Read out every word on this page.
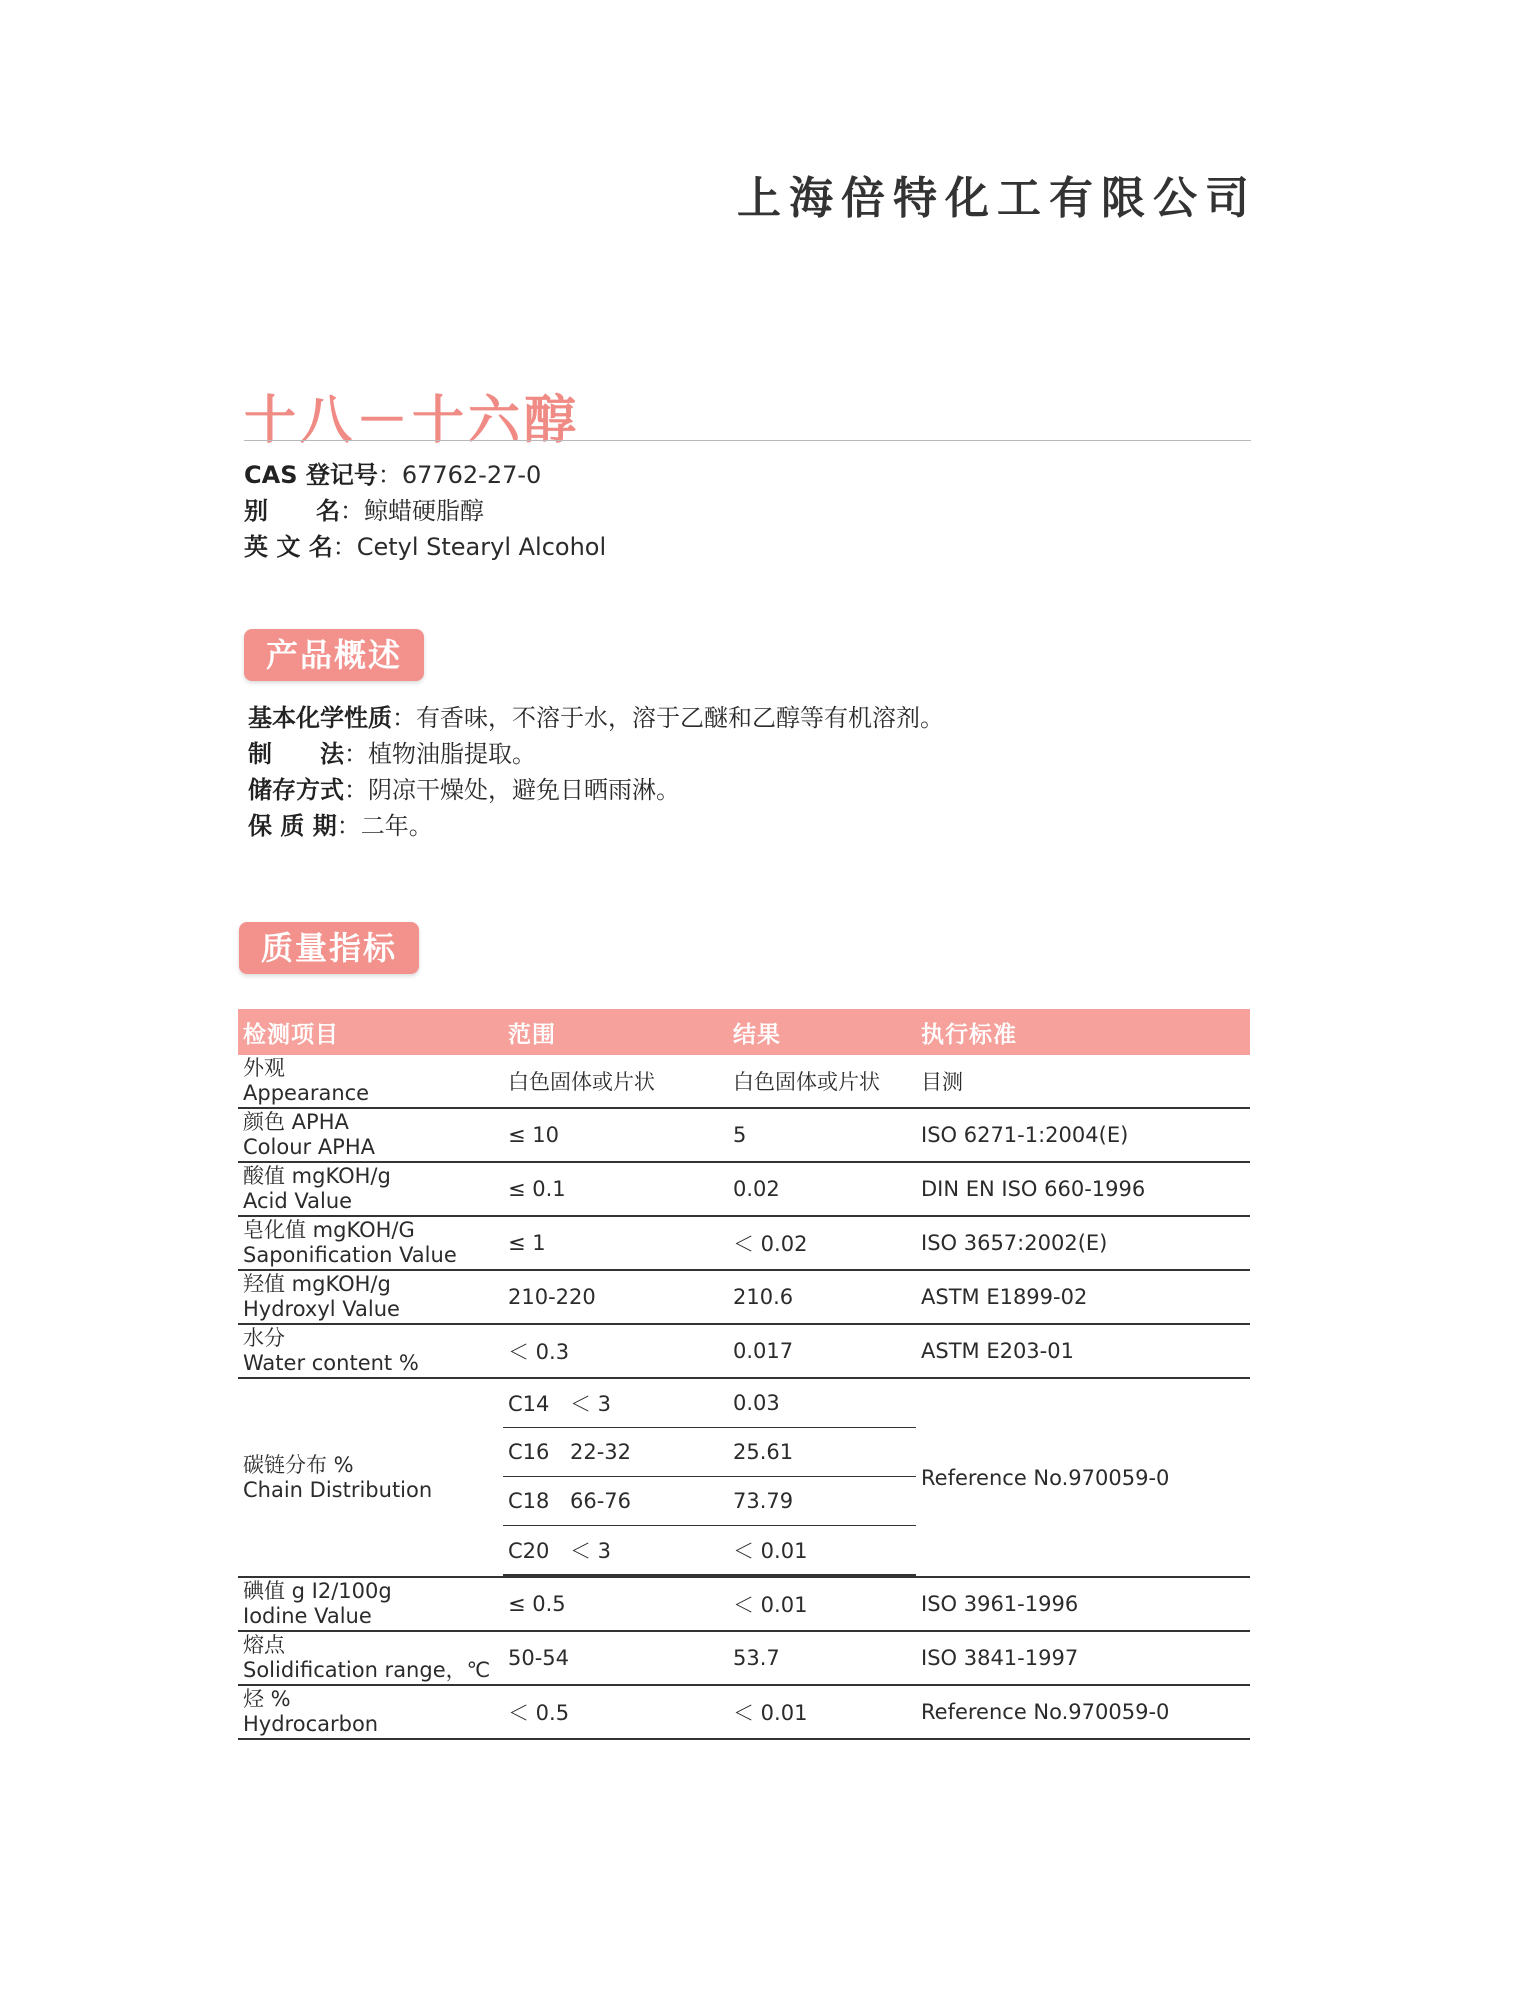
上海倍特化工有限公司
十八－十六醇
CAS 登记号：67762-27-0
别　　名：鲸蜡硬脂醇
英 文 名：Cetyl Stearyl Alcohol
产品概述
基本化学性质：有香味，不溶于水，溶于乙醚和乙醇等有机溶剂。
制　　法：植物油脂提取。
储存方式：阴凉干燥处，避免日晒雨淋。
保 质 期：二年。
质量指标
检测项目	范围	结果	执行标准

外观
Appearance	白色固体或片状	白色固体或片状	目测

颜色 APHA
Colour APHA	≤ 10	5	ISO 6271-1:2004(E)

酸值 mgKOH/g
Acid Value	≤ 0.1	0.02	DIN EN ISO 660-1996

皂化值 mgKOH/G
Saponification Value	≤ 1	＜ 0.02	ISO 3657:2002(E)

羟值 mgKOH/g
Hydroxyl Value	210-220	210.6	ASTM E1899-02

水分
Water content %	＜ 0.3	0.017	ASTM E203-01

碳链分布 %
Chain Distribution

C14 ＜ 3	0.03
C16 22-32	25.61
C18 66-76	73.79
C20 ＜ 3	＜ 0.01
	Reference No.970059-0

碘值 g I2/100g
Iodine Value	≤ 0.5	＜ 0.01	ISO 3961-1996

熔点
Solidification range，℃	50-54	53.7	ISO 3841-1997

烃 %
Hydrocarbon	＜ 0.5	＜ 0.01	Reference No.970059-0
